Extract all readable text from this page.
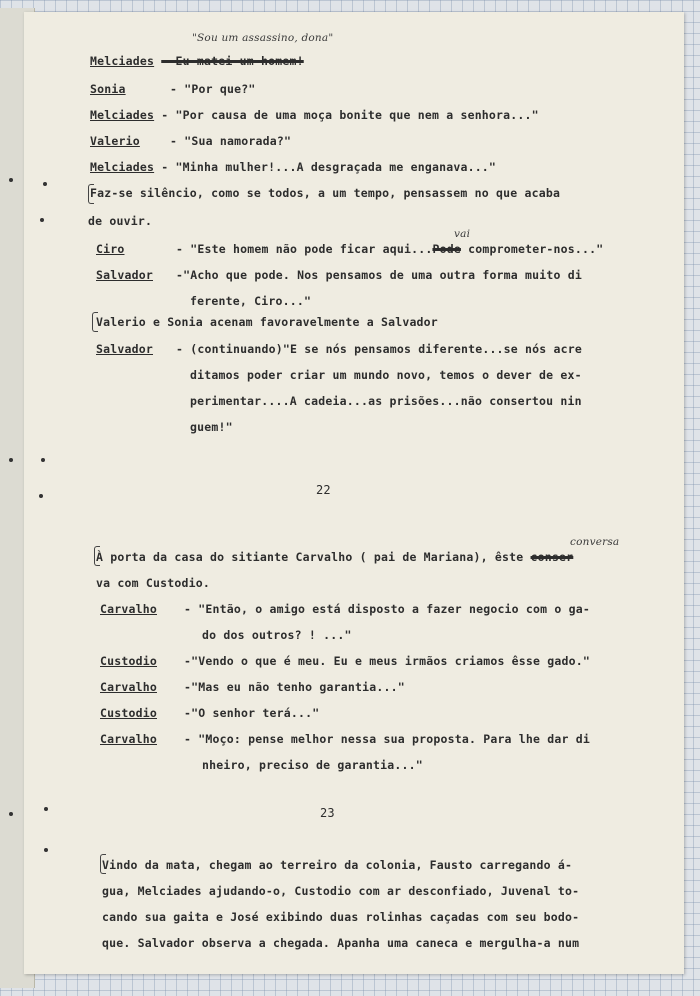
"Sou um assassino, dona"
Melciades - Eu matei um homem!
Sonia	- "Por que?"
Melciades - "Por causa de uma moça bonite que nem a senhora..."
Valerio	- "Sua namorada?"
Melciades - "Minha mulher!...A desgraçada me enganava..."
Faz-se silêncio, como se todos, a um tempo, pensassem no que acaba
de ouvir.
vai
Ciro	- "Este homem não pode ficar aqui...Pode comprometer-nos..."
Salvador -"Acho que pode. Nos pensamos de uma outra forma muito di
ferente, Ciro..."
Valerio e Sonia acenam favoravelmente a Salvador
Salvador - (continuando)"E se nós pensamos diferente...se nós acre
ditamos poder criar um mundo novo, temos o dever de ex-
perimentar....A cadeia...as prisões...não consertou nin
guem!"
22
conversa
À porta da casa do sitiante Carvalho ( pai de Mariana), êste conser
va com Custodio.
Carvalho - "Então, o amigo está disposto a fazer negocio com o ga-
do dos outros? ! ..."
Custodio -"Vendo o que é meu. Eu e meus irmãos criamos êsse gado."
Carvalho -"Mas eu não tenho garantia..."
Custodio -"O senhor terá..."
Carvalho - "Moço: pense melhor nessa sua proposta. Para lhe dar di
nheiro, preciso de garantia..."
23
Vindo da mata, chegam ao terreiro da colonia, Fausto carregando á-
gua, Melciades ajudando-o, Custodio com ar desconfiado, Juvenal to-
cando sua gaita e José exibindo duas rolinhas caçadas com seu bodo-
que. Salvador observa a chegada. Apanha uma caneca e mergulha-a num
